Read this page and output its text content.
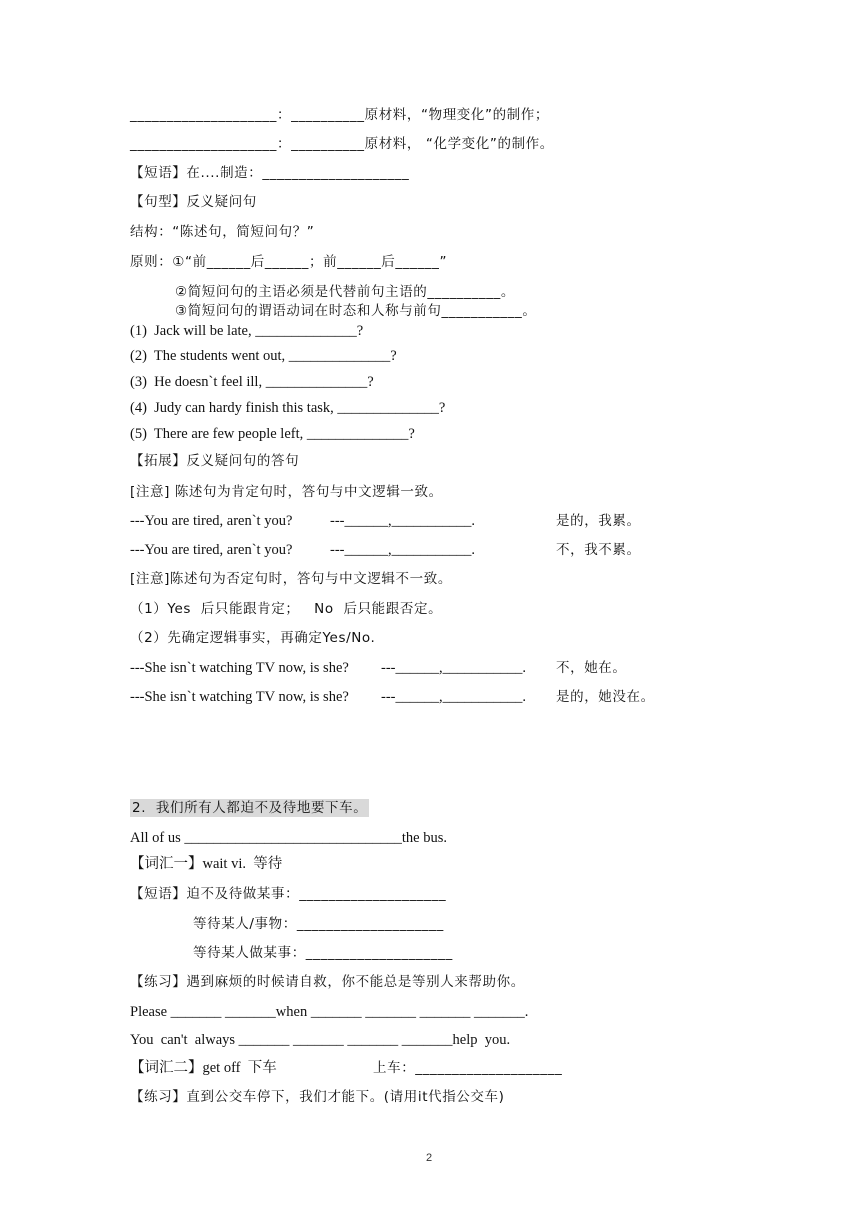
____________________：__________原材料，“物理变化”的制作；
____________________：__________原材料， “化学变化”的制作。
【短语】在....制造：____________________
【句型】反义疑问句
结构：“陈述句，简短问句？”
原则：①“前______后______；前______后______”
②简短问句的主语必须是代替前句主语的__________。
③简短问句的谓语动词在时态和人称与前句___________。
(1)  Jack will be late, ______________?
(2)  The students went out, ______________?
(3)  He doesn`t feel ill, ______________?
(4)  Judy can hardy finish this task, ______________?
(5)  There are few people left, ______________?
【拓展】反义疑问句的答句
[注意] 陈述句为肯定句时，答句与中文逻辑一致。
---You are tired, aren`t you?	---______,___________.	是的，我累。
---You are tired, aren`t you?	---______,___________.	不，我不累。
[注意]陈述句为否定句时，答句与中文逻辑不一致。
（1）Yes  后只能跟肯定；   No  后只能跟否定。
（2）先确定逻辑事实，再确定Yes/No.
---She isn`t watching TV now, is she? ---______,___________. 不，她在。
---She isn`t watching TV now, is she? ---______,___________. 是的，她没在。
2.  我们所有人都迫不及待地要下车。
All of us ______________________________the bus.
【词汇一】wait vi.  等待
【短语】迫不及待做某事：____________________
等待某人/事物：____________________
等待某人做某事：____________________
【练习】遇到麻烦的时候请自救，你不能总是等别人来帮助你。
Please _______ _______when _______ _______ _______ _______.
You  can't  always _______ _______ _______ _______help  you.
【词汇二】get off  下车	上车：____________________
【练习】直到公交车停下，我们才能下。(请用it代指公交车)
2
